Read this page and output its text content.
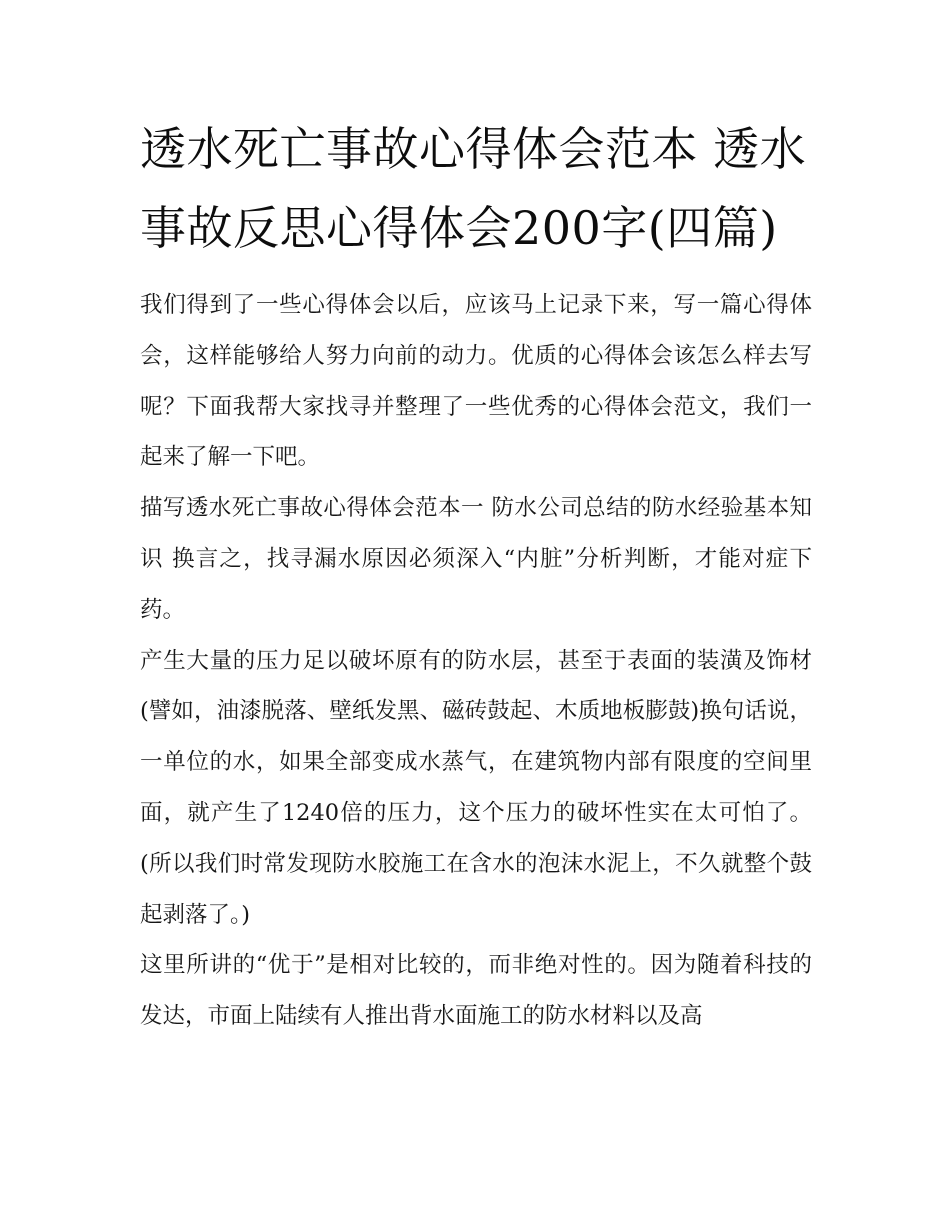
透水死亡事故心得体会范本 透水事故反思心得体会200字(四篇)

我们得到了一些心得体会以后，应该马上记录下来，写一篇心得体会，这样能够给人努力向前的动力。优质的心得体会该怎么样去写呢？下面我帮大家找寻并整理了一些优秀的心得体会范文，我们一起来了解一下吧。

描写透水死亡事故心得体会范本一 防水公司总结的防水经验基本知识 换言之，找寻漏水原因必须深入“内脏”分析判断，才能对症下药。

产生大量的压力足以破坏原有的防水层，甚至于表面的装潢及饰材(譬如，油漆脱落、壁纸发黑、磁砖鼓起、木质地板膨鼓)换句话说，一单位的水，如果全部变成水蒸气，在建筑物内部有限度的空间里面，就产生了1240倍的压力，这个压力的破坏性实在太可怕了。(所以我们时常发现防水胶施工在含水的泡沫水泥上，不久就整个鼓起剥落了。)

这里所讲的“优于”是相对比较的，而非绝对性的。因为随着科技的发达，市面上陆续有人推出背水面施工的防水材料以及高
